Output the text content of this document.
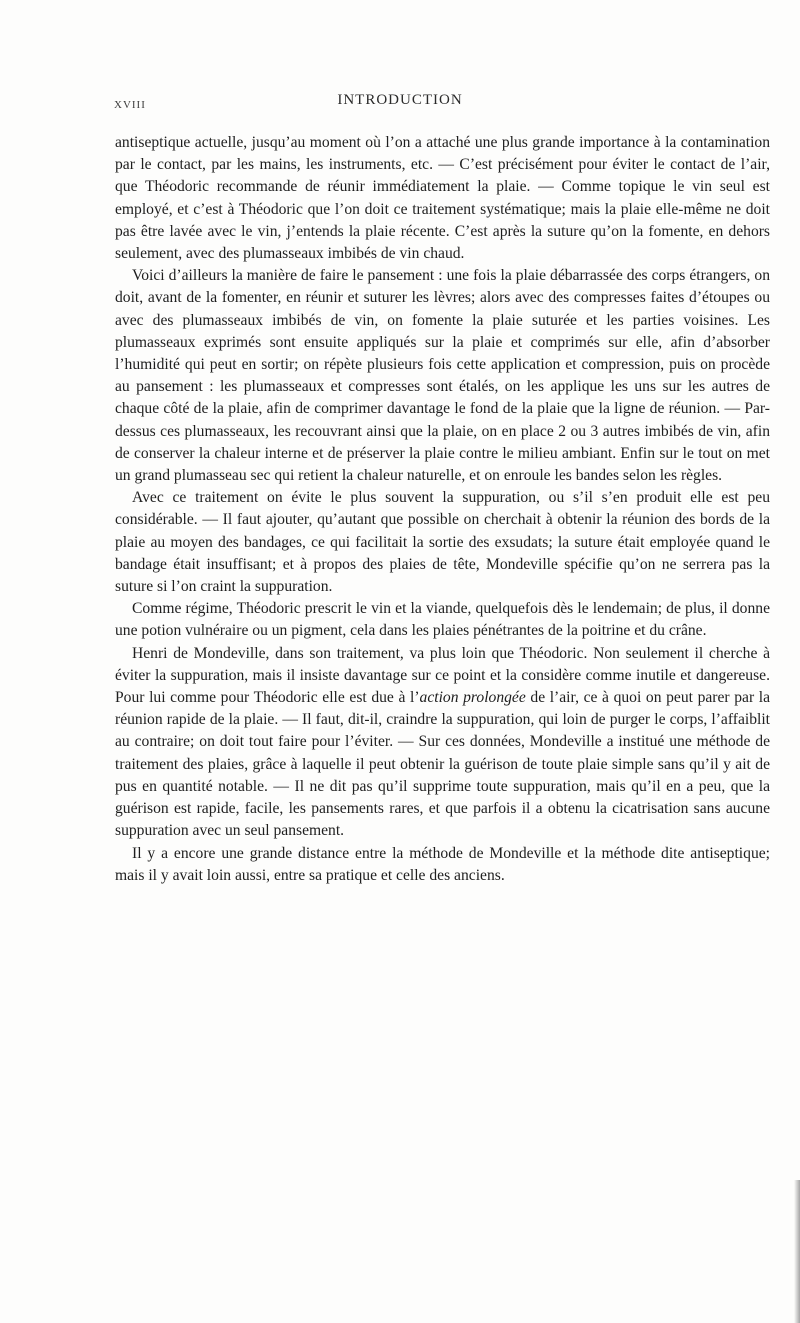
XVIII	INTRODUCTION

antiseptique actuelle, jusqu’au moment où l’on a attaché une plus grande importance à la contamination par le contact, par les mains, les instruments, etc. — C’est précisément pour éviter le contact de l’air, que Théodoric recommande de réunir immédiatement la plaie. — Comme topique le vin seul est employé, et c’est à Théodoric que l’on doit ce traitement systématique; mais la plaie elle-même ne doit pas être lavée avec le vin, j’entends la plaie récente. C’est après la suture qu’on la fomente, en dehors seulement, avec des plumasseaux imbibés de vin chaud.

Voici d’ailleurs la manière de faire le pansement : une fois la plaie débarrassée des corps étrangers, on doit, avant de la fomenter, en réunir et suturer les lèvres; alors avec des compresses faites d’étoupes ou avec des plumasseaux imbibés de vin, on fomente la plaie suturée et les parties voisines. Les plumasseaux exprimés sont ensuite appliqués sur la plaie et comprimés sur elle, afin d’absorber l’humidité qui peut en sortir; on répète plusieurs fois cette application et compression, puis on procède au pansement : les plumasseaux et compresses sont étalés, on les applique les uns sur les autres de chaque côté de la plaie, afin de comprimer davantage le fond de la plaie que la ligne de réunion. — Par-dessus ces plumasseaux, les recouvrant ainsi que la plaie, on en place 2 ou 3 autres imbibés de vin, afin de conserver la chaleur interne et de préserver la plaie contre le milieu ambiant. Enfin sur le tout on met un grand plumasseau sec qui retient la chaleur naturelle, et on enroule les bandes selon les règles.

Avec ce traitement on évite le plus souvent la suppuration, ou s’il s’en produit elle est peu considérable. — Il faut ajouter, qu’autant que possible on cherchait à obtenir la réunion des bords de la plaie au moyen des bandages, ce qui facilitait la sortie des exsudats; la suture était employée quand le bandage était insuffisant; et à propos des plaies de tête, Mondeville spécifie qu’on ne serrera pas la suture si l’on craint la suppuration.

Comme régime, Théodoric prescrit le vin et la viande, quelquefois dès le lendemain; de plus, il donne une potion vulnéraire ou un pigment, cela dans les plaies pénétrantes de la poitrine et du crâne.

Henri de Mondeville, dans son traitement, va plus loin que Théodoric. Non seulement il cherche à éviter la suppuration, mais il insiste davantage sur ce point et la considère comme inutile et dangereuse. Pour lui comme pour Théodoric elle est due à l’action prolongée de l’air, ce à quoi on peut parer par la réunion rapide de la plaie. — Il faut, dit-il, craindre la suppuration, qui loin de purger le corps, l’affaiblit au contraire; on doit tout faire pour l’éviter. — Sur ces données, Mondeville a institué une méthode de traitement des plaies, grâce à laquelle il peut obtenir la guérison de toute plaie simple sans qu’il y ait de pus en quantité notable. — Il ne dit pas qu’il supprime toute suppuration, mais qu’il en a peu, que la guérison est rapide, facile, les pansements rares, et que parfois il a obtenu la cicatrisation sans aucune suppuration avec un seul pansement.

Il y a encore une grande distance entre la méthode de Mondeville et la méthode dite antiseptique; mais il y avait loin aussi, entre sa pratique et celle des anciens.
